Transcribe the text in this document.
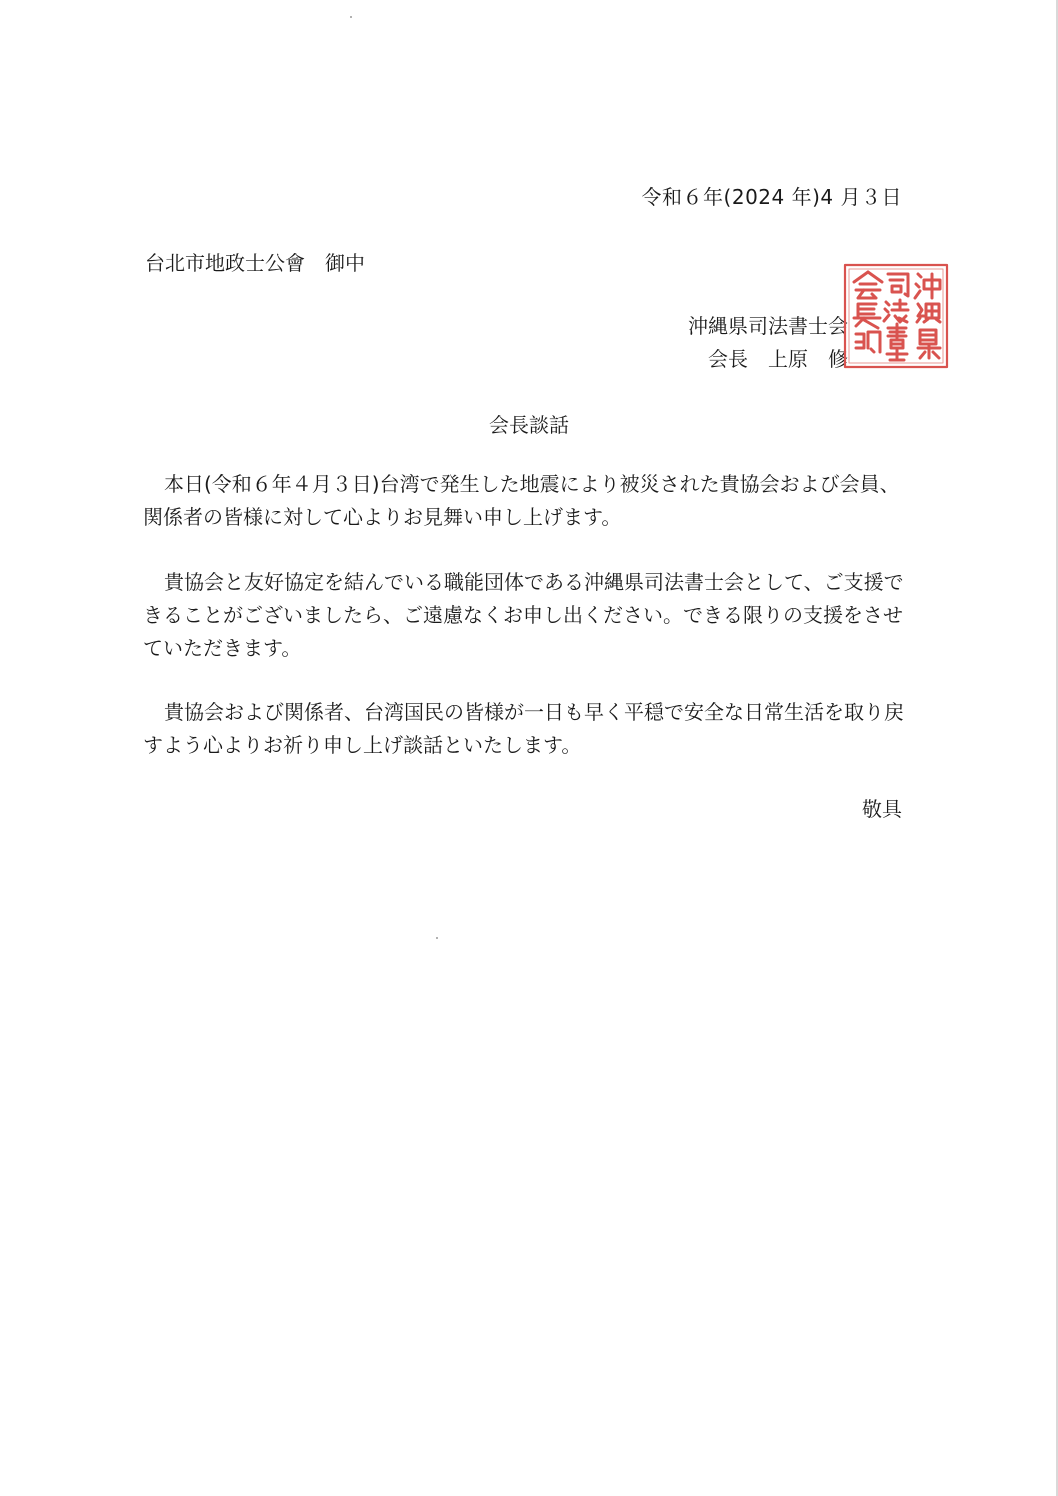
令和６年(2024 年)4 月３日
台北市地政士公會　御中
沖縄県司法書士会
会長　上原　修
会長談話
本日(令和６年４月３日)台湾で発生した地震により被災された貴協会および会員、関係者の皆様に対して心よりお見舞い申し上げます。
貴協会と友好協定を結んでいる職能団体である沖縄県司法書士会として、ご支援できることがございましたら、ご遠慮なくお申し出ください。できる限りの支援をさせていただきます。
貴協会および関係者、台湾国民の皆様が一日も早く平穏で安全な日常生活を取り戻すよう心よりお祈り申し上げ談話といたします。
敬具
